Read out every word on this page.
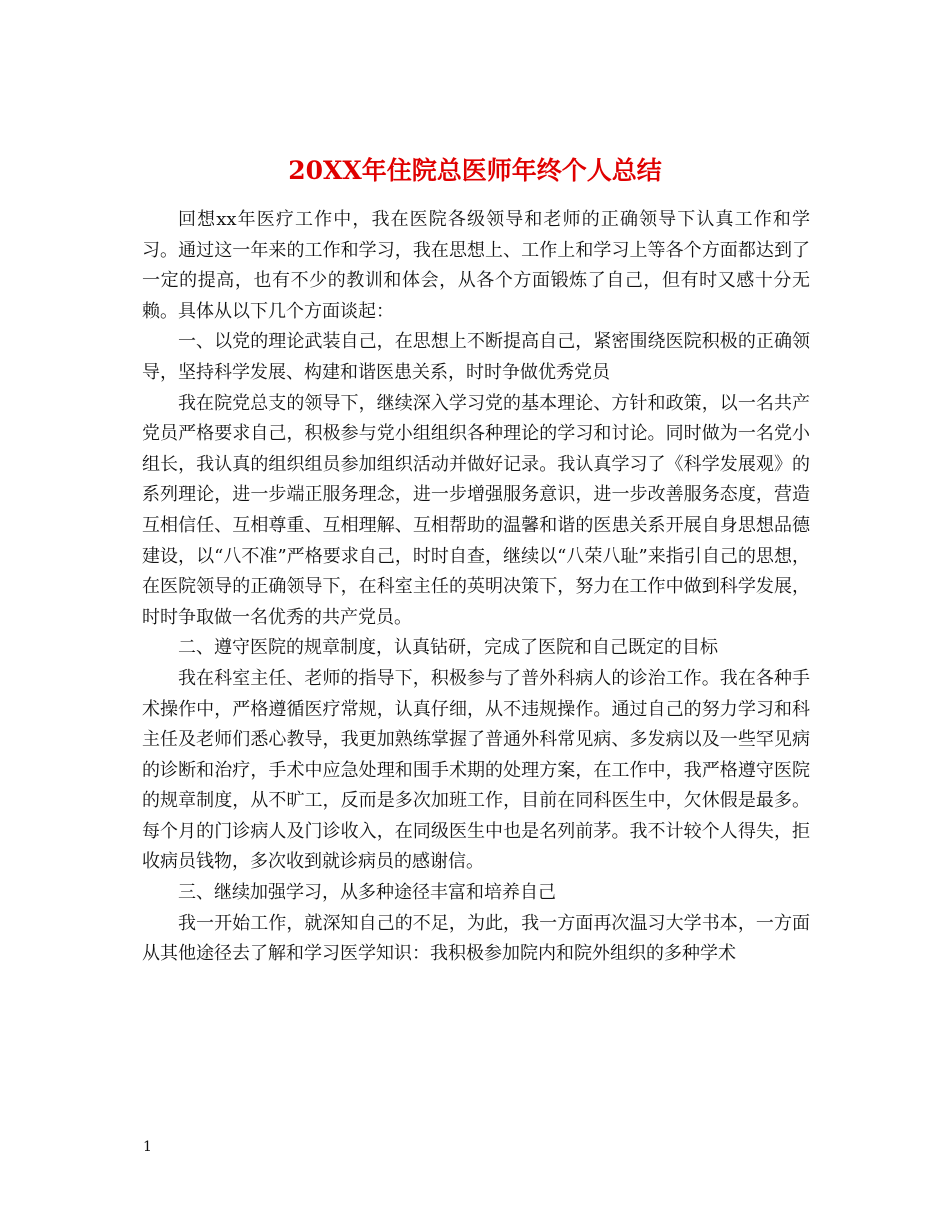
20XX年住院总医师年终个人总结

回想xx年医疗工作中，我在医院各级领导和老师的正确领导下认真工作和学习。通过这一年来的工作和学习，我在思想上、工作上和学习上等各个方面都达到了一定的提高，也有不少的教训和体会，从各个方面锻炼了自己，但有时又感十分无赖。具体从以下几个方面谈起：

一、以党的理论武装自己，在思想上不断提高自己，紧密围绕医院积极的正确领导，坚持科学发展、构建和谐医患关系，时时争做优秀党员

我在院党总支的领导下，继续深入学习党的基本理论、方针和政策，以一名共产党员严格要求自己，积极参与党小组组织各种理论的学习和讨论。同时做为一名党小组长，我认真的组织组员参加组织活动并做好记录。我认真学习了《科学发展观》的系列理论，进一步端正服务理念，进一步增强服务意识，进一步改善服务态度，营造互相信任、互相尊重、互相理解、互相帮助的温馨和谐的医患关系开展自身思想品德建设，以“八不准”严格要求自己，时时自查，继续以“八荣八耻”来指引自己的思想，在医院领导的正确领导下，在科室主任的英明决策下，努力在工作中做到科学发展，时时争取做一名优秀的共产党员。

二、遵守医院的规章制度，认真钻研，完成了医院和自己既定的目标

我在科室主任、老师的指导下，积极参与了普外科病人的诊治工作。我在各种手术操作中，严格遵循医疗常规，认真仔细，从不违规操作。通过自己的努力学习和科主任及老师们悉心教导，我更加熟练掌握了普通外科常见病、多发病以及一些罕见病的诊断和治疗，手术中应急处理和围手术期的处理方案，在工作中，我严格遵守医院的规章制度，从不旷工，反而是多次加班工作，目前在同科医生中，欠休假是最多。每个月的门诊病人及门诊收入，在同级医生中也是名列前茅。我不计较个人得失，拒收病员钱物，多次收到就诊病员的感谢信。

三、继续加强学习，从多种途径丰富和培养自己

我一开始工作，就深知自己的不足，为此，我一方面再次温习大学书本，一方面从其他途径去了解和学习医学知识：我积极参加院内和院外组织的多种学术

1
